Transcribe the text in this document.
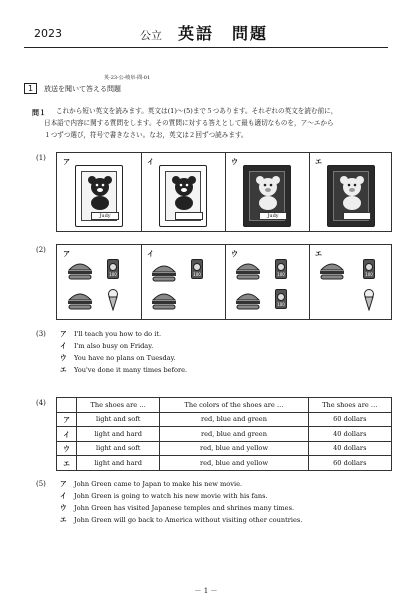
2023	公立 英語　問題
英-23-公-岐阜-問-01
1	放送を聞いて答える問題
問１ これから短い英文を読みます。英文は(1)～(5)まで５つあります。それぞれの英文を読む前に，
日本語で内容に関する質問をします。その質問に対する答えとして最も適切なものを，ア～エから
１つずつ選び，符号で書きなさい。なお，英文は２回ずつ読みます。
(1) ア	イ	ウ	エ
Judy	Judy
(2) ア	イ	ウ	エ
100	100	100
100
100
(3) ア	I'll teach you how to do it.
イ	I'm also busy on Friday.
ウ	You have no plans on Tuesday.
エ	You've done it many times before.
(4)
		The shoes are …	The colors of the shoes are …	The shoes are …
ア	light and soft	red, blue and green	60 dollars
イ	light and hard	red, blue and green	40 dollars
ウ	light and soft	red, blue and yellow	40 dollars
エ	light and hard	red, blue and yellow	60 dollars
(5) ア	John Green came to Japan to make his new movie.
イ	John Green is going to watch his new movie with his fans.
ウ	John Green has visited Japanese temples and shrines many times.
エ	John Green will go back to America without visiting other countries.
－ 1 －
